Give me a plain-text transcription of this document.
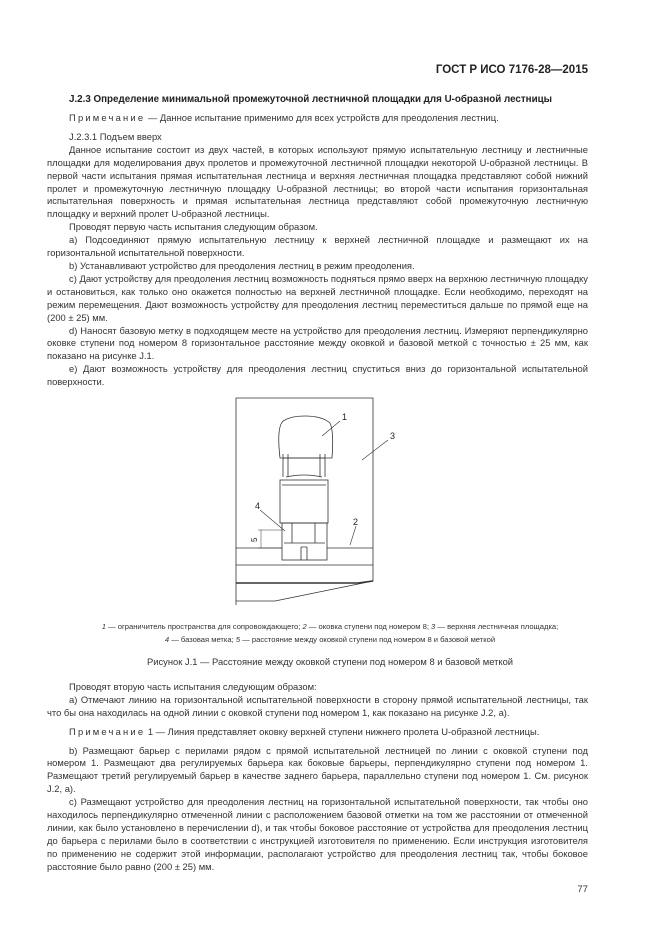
ГОСТ Р ИСО 7176-28—2015
J.2.3 Определение минимальной промежуточной лестничной площадки для U-образной лестницы
Примечание — Данное испытание применимо для всех устройств для преодоления лестниц.
J.2.3.1 Подъем вверх
Данное испытание состоит из двух частей, в которых используют прямую испытательную лестницу и лестничные площадки для моделирования двух пролетов и промежуточной лестничной площадки некоторой U-образной лестницы. В первой части испытания прямая испытательная лестница и верхняя лестничная площадка представляют собой нижний пролет и промежуточную лестничную площадку U-образной лестницы; во второй части испытания горизонтальная испытательная поверхность и прямая испытательная лестница представляют собой промежуточную лестничную площадку и верхний пролет U-образной лестницы.
Проводят первую часть испытания следующим образом.
a) Подсоединяют прямую испытательную лестницу к верхней лестничной площадке и размещают их на горизонтальной испытательной поверхности.
b) Устанавливают устройство для преодоления лестниц в режим преодоления.
c) Дают устройству для преодоления лестниц возможность подняться прямо вверх на верхнюю лестничную площадку и остановиться, как только оно окажется полностью на верхней лестничной площадке. Если необходимо, переходят на режим перемещения. Дают возможность устройству для преодоления лестниц переместиться дальше по прямой еще на (200 ± 25) мм.
d) Наносят базовую метку в подходящем месте на устройство для преодоления лестниц. Измеряют перпендикулярно оковке ступени под номером 8 горизонтальное расстояние между оковкой и базовой меткой с точностью ± 25 мм, как показано на рисунке J.1.
e) Дают возможность устройству для преодоления лестниц спуститься вниз до горизонтальной испытательной поверхности.
1
2
3
4
5
1 — ограничитель пространства для сопровождающего; 2 — оковка ступени под номером 8; 3 — верхняя лестничная площадка;
4 — базовая метка; 5 — расстояние между оковкой ступени под номером 8 и базовой меткой
Рисунок J.1 — Расстояние между оковкой ступени под номером 8 и базовой меткой
Проводят вторую часть испытания следующим образом:
a) Отмечают линию на горизонтальной испытательной поверхности в сторону прямой испытательной лестницы, так что бы она находилась на одной линии с оковкой ступени под номером 1, как показано на рисунке J.2, a).
Примечание 1 — Линия представляет оковку верхней ступени нижнего пролета U-образной лестницы.
b) Размещают барьер с перилами рядом с прямой испытательной лестницей по линии с оковкой ступени под номером 1. Размещают два регулируемых барьера как боковые барьеры, перпендикулярно ступени под номером 1. Размещают третий регулируемый барьер в качестве заднего барьера, параллельно ступени под номером 1. См. рисунок J.2, a).
c) Размещают устройство для преодоления лестниц на горизонтальной испытательной поверхности, так чтобы оно находилось перпендикулярно отмеченной линии с расположением базовой отметки на том же расстоянии от отмеченной линии, как было установлено в перечислении d), и так чтобы боковое расстояние от устройства для преодоления лестниц до барьера с перилами было в соответствии с инструкцией изготовителя по применению. Если инструкция изготовителя по применению не содержит этой информации, располагают устройство для преодоления лестниц так, чтобы боковое расстояние было равно (200 ± 25) мм.
77
